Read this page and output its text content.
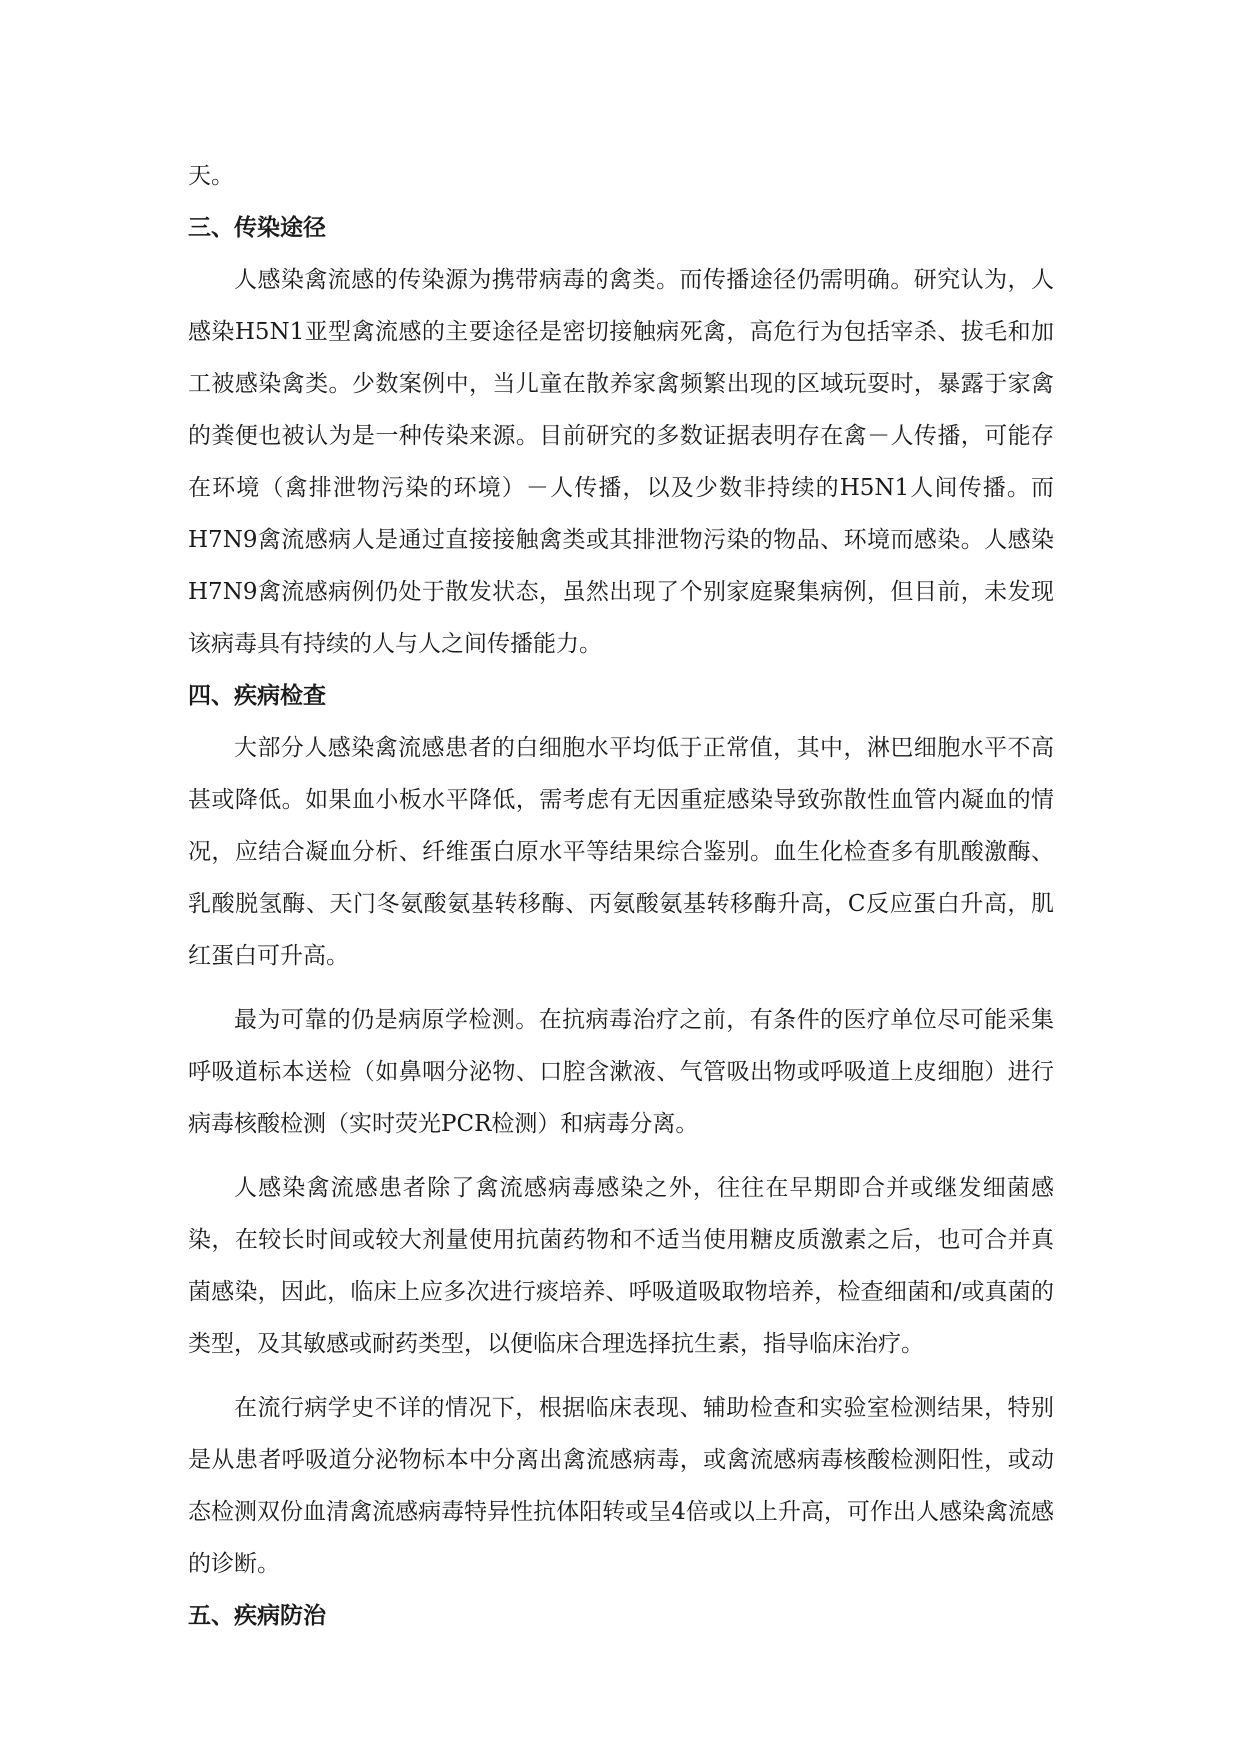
天。

三、传染途径

人感染禽流感的传染源为携带病毒的禽类。而传播途径仍需明确。研究认为，人感染H5N1亚型禽流感的主要途径是密切接触病死禽，高危行为包括宰杀、拔毛和加工被感染禽类。少数案例中，当儿童在散养家禽频繁出现的区域玩耍时，暴露于家禽的粪便也被认为是一种传染来源。目前研究的多数证据表明存在禽－人传播，可能存在环境（禽排泄物污染的环境）－人传播，以及少数非持续的H5N1人间传播。而H7N9禽流感病人是通过直接接触禽类或其排泄物污染的物品、环境而感染。人感染H7N9禽流感病例仍处于散发状态，虽然出现了个别家庭聚集病例，但目前，未发现该病毒具有持续的人与人之间传播能力。

四、疾病检查

大部分人感染禽流感患者的白细胞水平均低于正常值，其中，淋巴细胞水平不高甚或降低。如果血小板水平降低，需考虑有无因重症感染导致弥散性血管内凝血的情况，应结合凝血分析、纤维蛋白原水平等结果综合鉴别。血生化检查多有肌酸激酶、乳酸脱氢酶、天门冬氨酸氨基转移酶、丙氨酸氨基转移酶升高，C反应蛋白升高，肌红蛋白可升高。

最为可靠的仍是病原学检测。在抗病毒治疗之前，有条件的医疗单位尽可能采集呼吸道标本送检（如鼻咽分泌物、口腔含漱液、气管吸出物或呼吸道上皮细胞）进行病毒核酸检测（实时荧光PCR检测）和病毒分离。

人感染禽流感患者除了禽流感病毒感染之外，往往在早期即合并或继发细菌感染，在较长时间或较大剂量使用抗菌药物和不适当使用糖皮质激素之后，也可合并真菌感染，因此，临床上应多次进行痰培养、呼吸道吸取物培养，检查细菌和/或真菌的类型，及其敏感或耐药类型，以便临床合理选择抗生素，指导临床治疗。

在流行病学史不详的情况下，根据临床表现、辅助检查和实验室检测结果，特别是从患者呼吸道分泌物标本中分离出禽流感病毒，或禽流感病毒核酸检测阳性，或动态检测双份血清禽流感病毒特异性抗体阳转或呈4倍或以上升高，可作出人感染禽流感的诊断。

五、疾病防治
